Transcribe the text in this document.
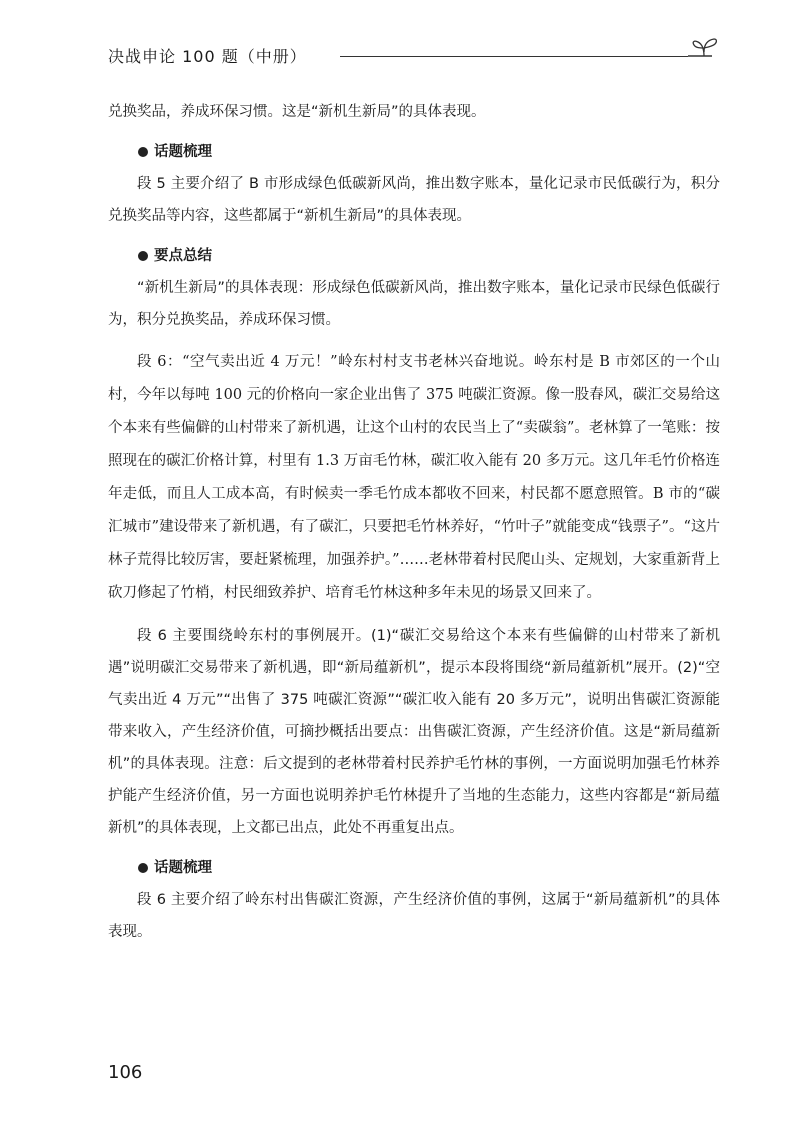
决战申论 100 题（中册）

兑换奖品，养成环保习惯。这是“新机生新局”的具体表现。

话题梳理

段 5 主要介绍了 B 市形成绿色低碳新风尚，推出数字账本，量化记录市民低碳行为，积分兑换奖品等内容，这些都属于“新机生新局”的具体表现。

要点总结

“新机生新局”的具体表现：形成绿色低碳新风尚，推出数字账本，量化记录市民绿色低碳行为，积分兑换奖品，养成环保习惯。

段 6：“空气卖出近 4 万元！”岭东村村支书老林兴奋地说。岭东村是 B 市郊区的一个山村，今年以每吨 100 元的价格向一家企业出售了 375 吨碳汇资源。像一股春风，碳汇交易给这个本来有些偏僻的山村带来了新机遇，让这个山村的农民当上了“卖碳翁”。老林算了一笔账：按照现在的碳汇价格计算，村里有 1.3 万亩毛竹林，碳汇收入能有 20 多万元。这几年毛竹价格连年走低，而且人工成本高，有时候卖一季毛竹成本都收不回来，村民都不愿意照管。B 市的“碳汇城市”建设带来了新机遇，有了碳汇，只要把毛竹林养好，“竹叶子”就能变成“钱票子”。“这片林子荒得比较厉害，要赶紧梳理，加强养护。”……老林带着村民爬山头、定规划，大家重新背上砍刀修起了竹梢，村民细致养护、培育毛竹林这种多年未见的场景又回来了。

段 6 主要围绕岭东村的事例展开。(1)“碳汇交易给这个本来有些偏僻的山村带来了新机遇”说明碳汇交易带来了新机遇，即“新局蕴新机”，提示本段将围绕“新局蕴新机”展开。(2)“空气卖出近 4 万元”“出售了 375 吨碳汇资源”“碳汇收入能有 20 多万元”，说明出售碳汇资源能带来收入，产生经济价值，可摘抄概括出要点：出售碳汇资源，产生经济价值。这是“新局蕴新机”的具体表现。注意：后文提到的老林带着村民养护毛竹林的事例，一方面说明加强毛竹林养护能产生经济价值，另一方面也说明养护毛竹林提升了当地的生态能力，这些内容都是“新局蕴新机”的具体表现，上文都已出点，此处不再重复出点。

话题梳理

段 6 主要介绍了岭东村出售碳汇资源，产生经济价值的事例，这属于“新局蕴新机”的具体表现。

106
